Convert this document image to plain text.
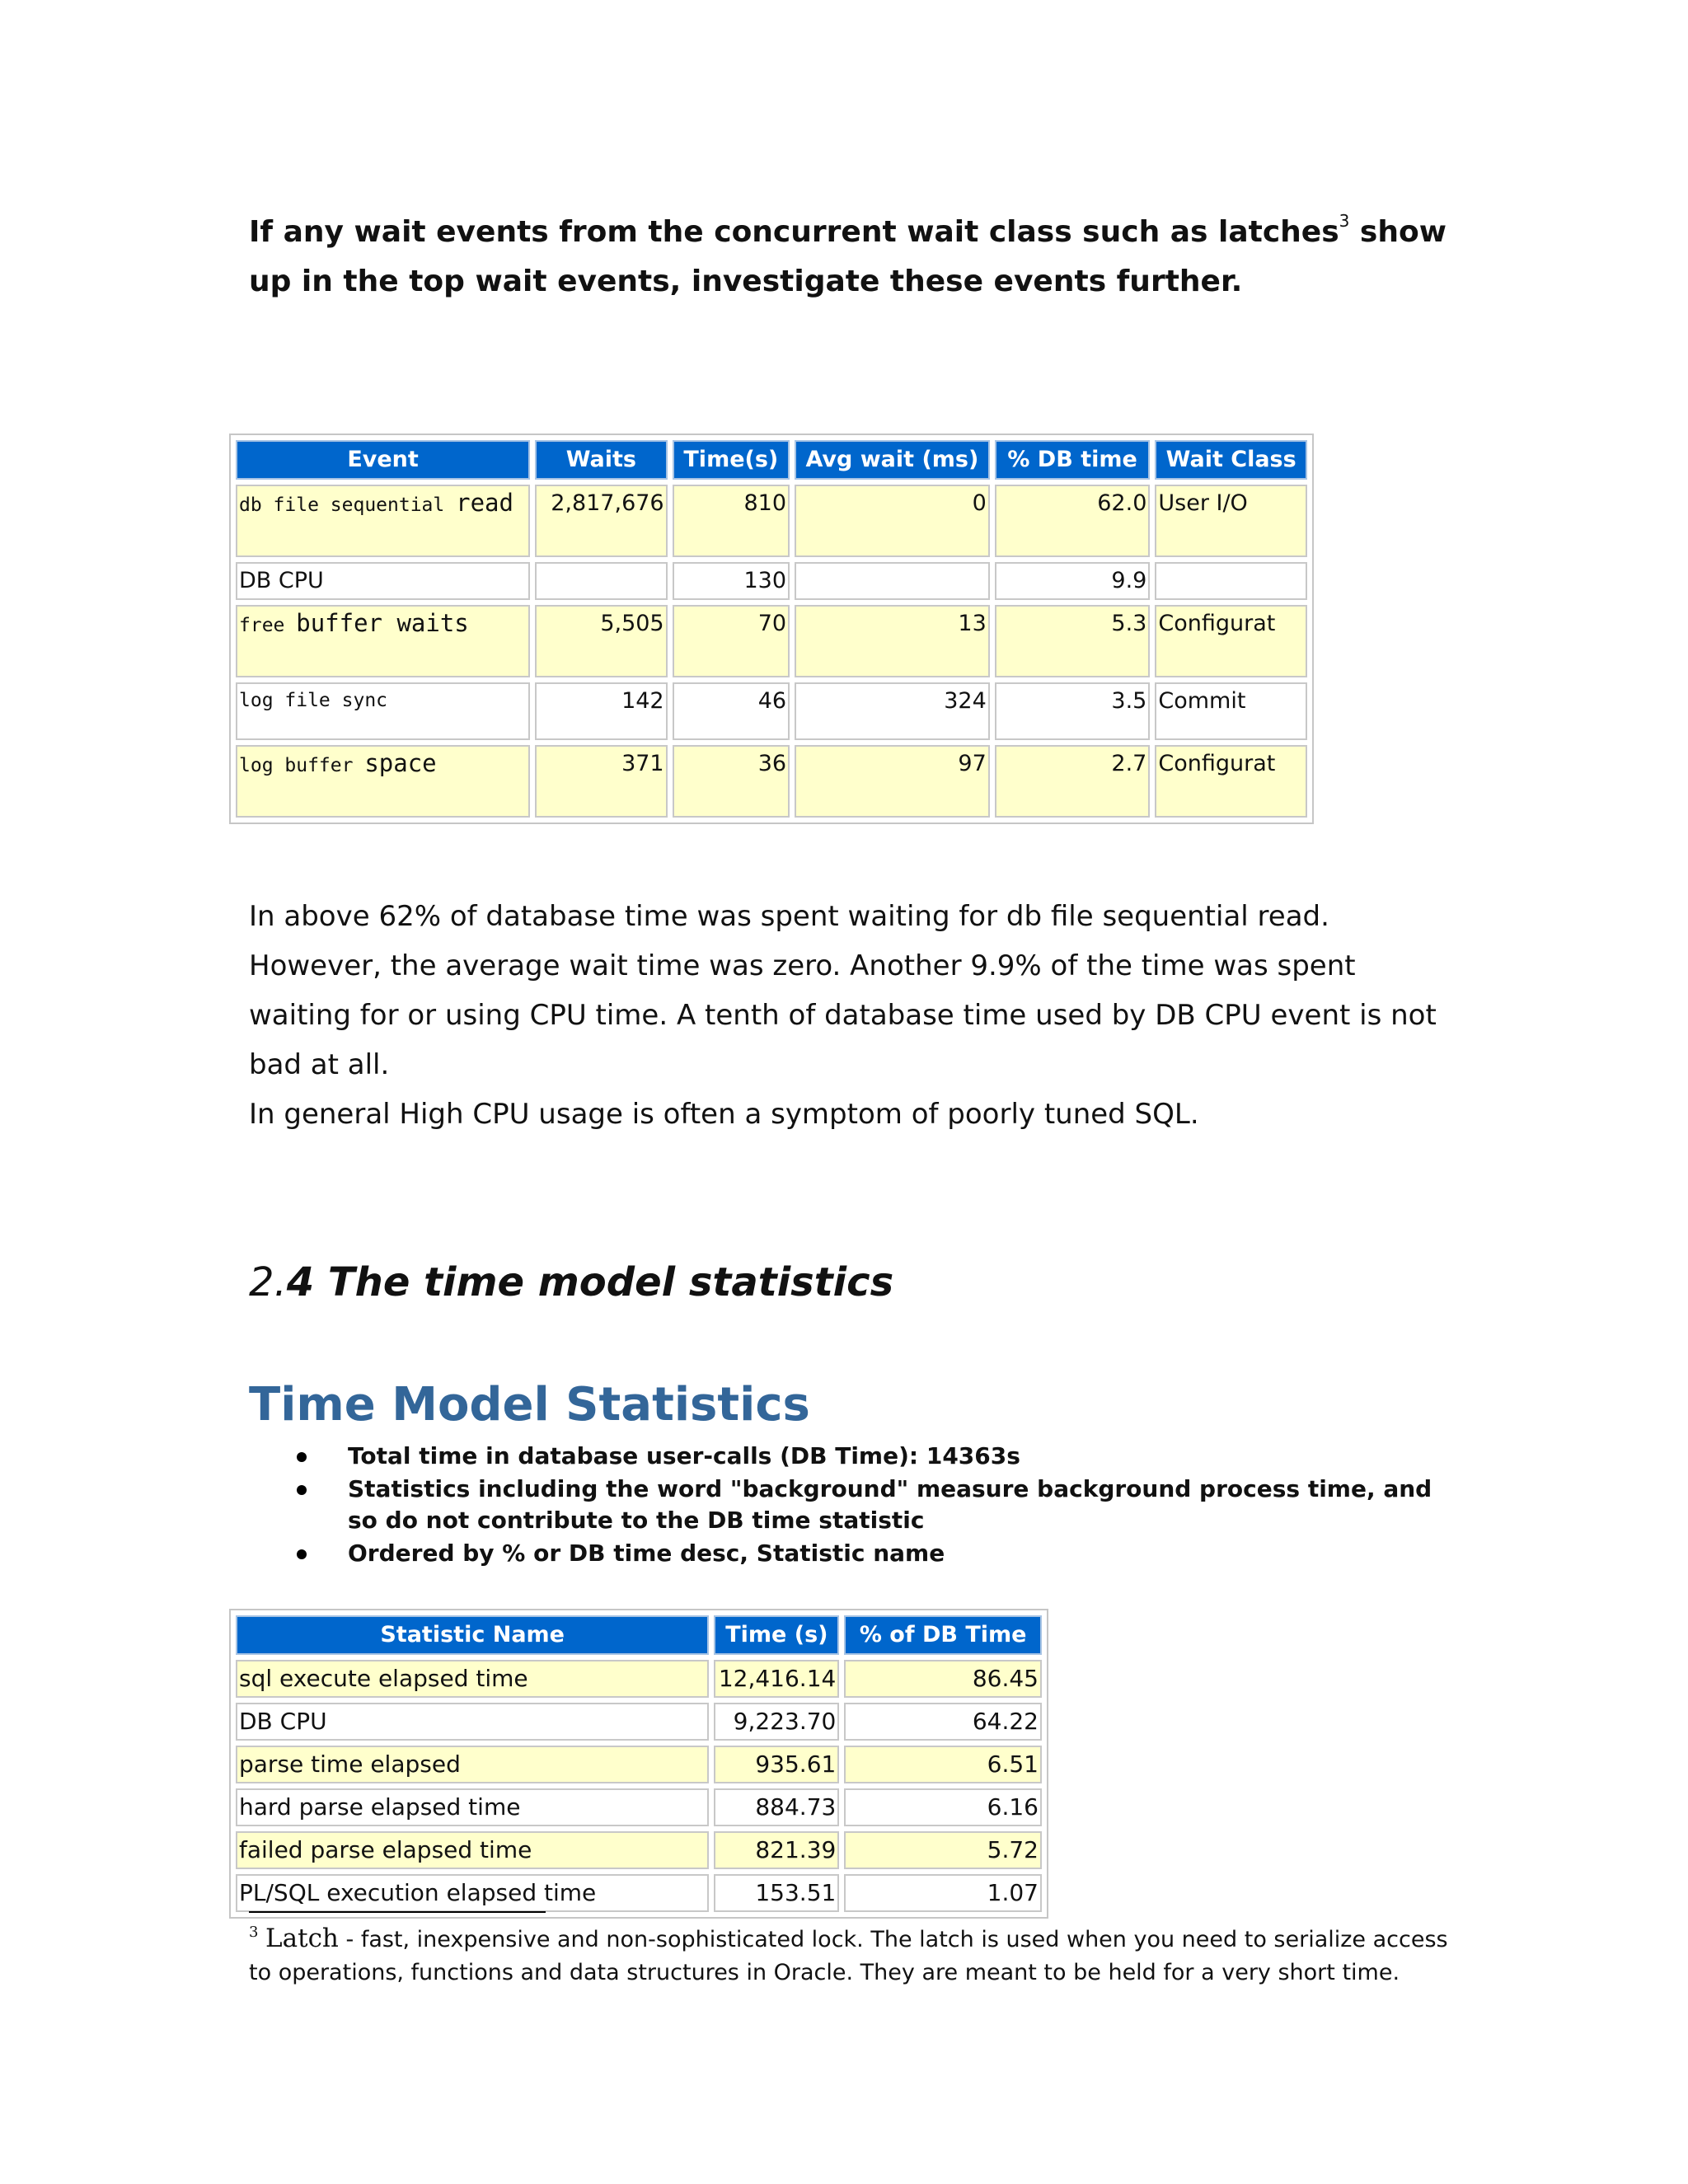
If any wait events from the concurrent wait class such as latches$^3$ show up in the top wait events, investigate these events further.

Event	Waits	Time(s)	Avg wait (ms)	% DB time	Wait Class
db file sequential read	2,817,676	810	0	62.0	User I/O
DB CPU		130		9.9	
free buffer waits	5,505	70	13	5.3	Configurat
log file sync	142	46	324	3.5	Commit
log buffer space	371	36	97	2.7	Configurat

In above 62% of database time was spent waiting for db file sequential read. However, the average wait time was zero. Another 9.9% of the time was spent waiting for or using CPU time. A tenth of database time used by DB CPU event is not bad at all.

In general High CPU usage is often a symptom of poorly tuned SQL.

2.4 The time model statistics
Time Model Statistics
Total time in database user-calls (DB Time): 14363s
Statistics including the word "background" measure background process time, and so do not contribute to the DB time statistic
Ordered by % or DB time desc, Statistic name
Statistic Name	Time (s)	% of DB Time
sql execute elapsed time	12,416.14	86.45
DB CPU	9,223.70	64.22
parse time elapsed	935.61	6.51
hard parse elapsed time	884.73	6.16
failed parse elapsed time	821.39	5.72
PL/SQL execution elapsed time	153.51	1.07

$^3$ Latch - fast, inexpensive and non-sophisticated lock. The latch is used when you need to serialize access to operations, functions and data structures in Oracle. They are meant to be held for a very short time.
